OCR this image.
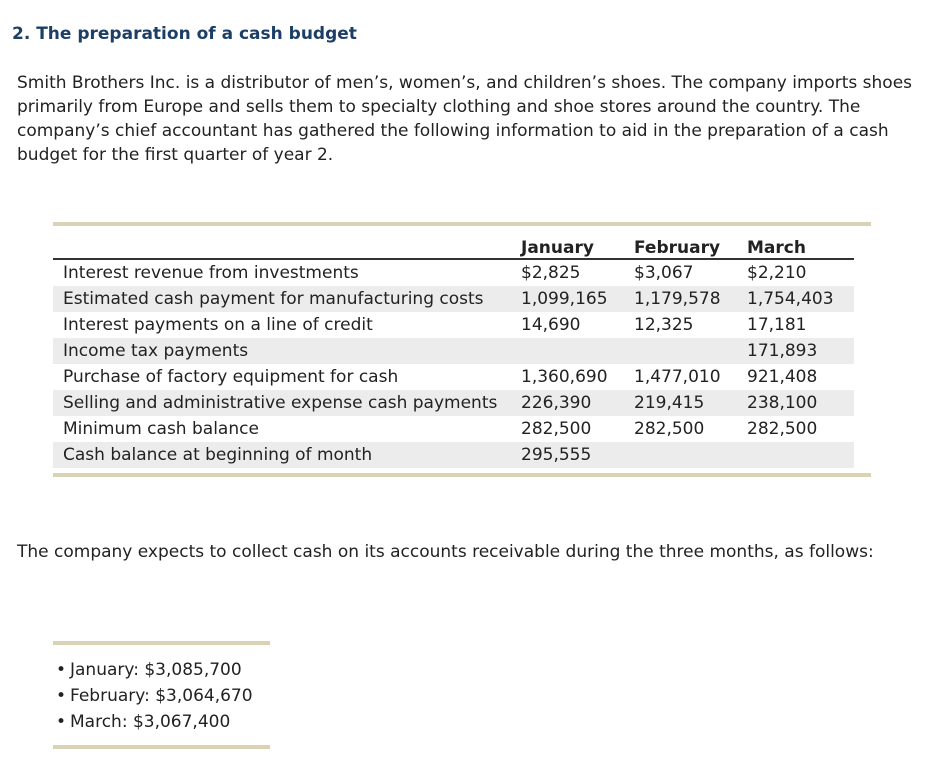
2. The preparation of a cash budget

Smith Brothers Inc. is a distributor of men’s, women’s, and children’s shoes. The company imports shoes primarily from Europe and sells them to specialty clothing and shoe stores around the country. The company’s chief accountant has gathered the following information to aid in the preparation of a cash budget for the first quarter of year 2.

	January	February	March
Interest revenue from investments	$2,825	$3,067	$2,210
Estimated cash payment for manufacturing costs	1,099,165	1,179,578	1,754,403
Interest payments on a line of credit	14,690	12,325	17,181
Income tax payments			171,893
Purchase of factory equipment for cash	1,360,690	1,477,010	921,408
Selling and administrative expense cash payments	226,390	219,415	238,100
Minimum cash balance	282,500	282,500	282,500
Cash balance at beginning of month	295,555		

The company expects to collect cash on its accounts receivable during the three months, as follows:

• January: $3,085,700
• February: $3,064,670
• March: $3,067,400
